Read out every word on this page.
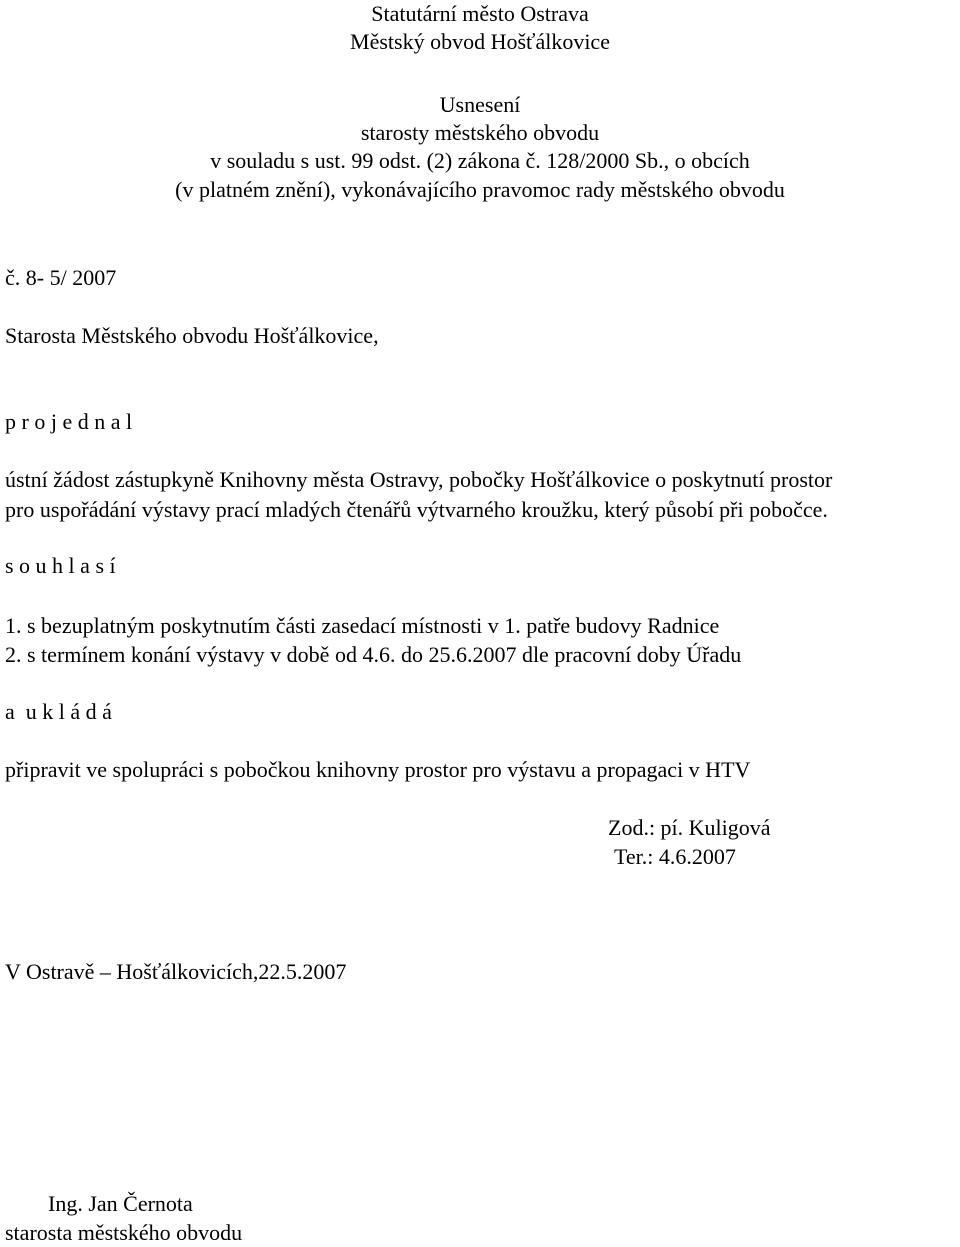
Statutární město Ostrava
Městský obvod Hošťálkovice
Usnesení
starosty městského obvodu
v souladu s ust. 99 odst. (2) zákona č. 128/2000 Sb., o obcích
(v platném znění), vykonávajícího pravomoc rady městského obvodu
č. 8- 5/ 2007
Starosta Městského obvodu Hošťálkovice,
p r o j e d n a l
ústní žádost zástupkyně Knihovny města Ostravy, pobočky Hošťálkovice o poskytnutí prostor
pro uspořádání výstavy prací mladých čtenářů výtvarného kroužku, který působí při pobočce.
s o u h l a s í
1. s bezuplatným poskytnutím části zasedací místnosti v 1. patře budovy Radnice
2. s termínem konání výstavy v době od 4.6. do 25.6.2007 dle pracovní doby Úřadu
a  u k l á d á
připravit ve spolupráci s pobočkou knihovny prostor pro výstavu a propagaci v HTV
Zod.: pí. Kuligová
Ter.: 4.6.2007
V Ostravě – Hošťálkovicích,22.5.2007
Ing. Jan Černota
starosta městského obvodu
